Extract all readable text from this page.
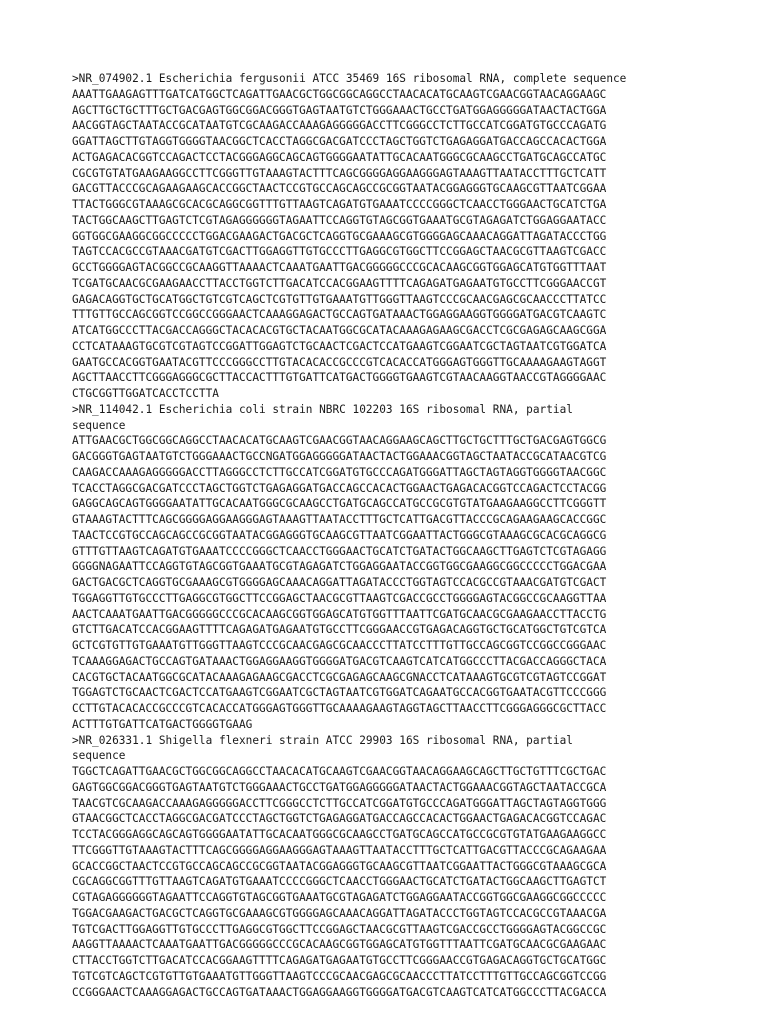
>NR_074902.1 Escherichia fergusonii ATCC 35469 16S ribosomal RNA, complete sequence
AAATTGAAGAGTTTGATCATGGCTCAGATTGAACGCTGGCGGCAGGCCTAACACATGCAAGTCGAACGGTAACAGGAAGC
AGCTTGCTGCTTTGCTGACGAGTGGCGGACGGGTGAGTAATGTCTGGGAAACTGCCTGATGGAGGGGGATAACTACTGGA
AACGGTAGCTAATACCGCATAATGTCGCAAGACCAAAGAGGGGGACCTTCGGGCCTCTTGCCATCGGATGTGCCCAGATG
GGATTAGCTTGTAGGTGGGGTAACGGCTCACCTAGGCGACGATCCCTAGCTGGTCTGAGAGGATGACCAGCCACACTGGA
ACTGAGACACGGTCCAGACTCCTACGGGAGGCAGCAGTGGGGAATATTGCACAATGGGCGCAAGCCTGATGCAGCCATGC
CGCGTGTATGAAGAAGGCCTTCGGGTTGTAAAGTACTTTCAGCGGGGAGGAAGGGAGTAAAGTTAATACCTTTGCTCATT
GACGTTACCCGCAGAAGAAGCACCGGCTAACTCCGTGCCAGCAGCCGCGGTAATACGGAGGGTGCAAGCGTTAATCGGAA
TTACTGGGCGTAAAGCGCACGCAGGCGGTTTGTTAAGTCAGATGTGAAATCCCCGGGCTCAACCTGGGAACTGCATCTGA
TACTGGCAAGCTTGAGTCTCGTAGAGGGGGGTAGAATTCCAGGTGTAGCGGTGAAATGCGTAGAGATCTGGAGGAATACC
GGTGGCGAAGGCGGCCCCCTGGACGAAGACTGACGCTCAGGTGCGAAAGCGTGGGGAGCAAACAGGATTAGATACCCTGG
TAGTCCACGCCGTAAACGATGTCGACTTGGAGGTTGTGCCCTTGAGGCGTGGCTTCCGGAGCTAACGCGTTAAGTCGACC
GCCTGGGGAGTACGGCCGCAAGGTTAAAACTCAAATGAATTGACGGGGGCCCGCACAAGCGGTGGAGCATGTGGTTTAAT
TCGATGCAACGCGAAGAACCTTACCTGGTCTTGACATCCACGGAAGTTTTCAGAGATGAGAATGTGCCTTCGGGAACCGT
GAGACAGGTGCTGCATGGCTGTCGTCAGCTCGTGTTGTGAAATGTTGGGTTAAGTCCCGCAACGAGCGCAACCCTTATCC
TTTGTTGCCAGCGGTCCGGCCGGGAACTCAAAGGAGACTGCCAGTGATAAACTGGAGGAAGGTGGGGATGACGTCAAGTC
ATCATGGCCCTTACGACCAGGGCTACACACGTGCTACAATGGCGCATACAAAGAGAAGCGACCTCGCGAGAGCAAGCGGA
CCTCATAAAGTGCGTCGTAGTCCGGATTGGAGTCTGCAACTCGACTCCATGAAGTCGGAATCGCTAGTAATCGTGGATCA
GAATGCCACGGTGAATACGTTCCCGGGCCTTGTACACACCGCCCGTCACACCATGGGAGTGGGTTGCAAAAGAAGTAGGT
AGCTTAACCTTCGGGAGGGCGCTTACCACTTTGTGATTCATGACTGGGGTGAAGTCGTAACAAGGTAACCGTAGGGGAAC
CTGCGGTTGGATCACCTCCTTA
>NR_114042.1 Escherichia coli strain NBRC 102203 16S ribosomal RNA, partial
sequence
ATTGAACGCTGGCGGCAGGCCTAACACATGCAAGTCGAACGGTAACAGGAAGCAGCTTGCTGCTTTGCTGACGAGTGGCG
GACGGGTGAGTAATGTCTGGGAAACTGCCNGATGGAGGGGGATAACTACTGGAAACGGTAGCTAATACCGCATAACGTCG
CAAGACCAAAGAGGGGGACCTTAGGGCCTCTTGCCATCGGATGTGCCCAGATGGGATTAGCTAGTAGGTGGGGTAACGGC
TCACCTAGGCGACGATCCCTAGCTGGTCTGAGAGGATGACCAGCCACACTGGAACTGAGACACGGTCCAGACTCCTACGG
GAGGCAGCAGTGGGGAATATTGCACAATGGGCGCAAGCCTGATGCAGCCATGCCGCGTGTATGAAGAAGGCCTTCGGGTT
GTAAAGTACTTTCAGCGGGGAGGAAGGGAGTAAAGTTAATACCTTTGCTCATTGACGTTACCCGCAGAAGAAGCACCGGC
TAACTCCGTGCCAGCAGCCGCGGTAATACGGAGGGTGCAAGCGTTAATCGGAATTACTGGGCGTAAAGCGCACGCAGGCG
GTTTGTTAAGTCAGATGTGAAATCCCCGGGCTCAACCTGGGAACTGCATCTGATACTGGCAAGCTTGAGTCTCGTAGAGG
GGGGNAGAATTCCAGGTGTAGCGGTGAAATGCGTAGAGATCTGGAGGAATACCGGTGGCGAAGGCGGCCCCCTGGACGAA
GACTGACGCTCAGGTGCGAAAGCGTGGGGAGCAAACAGGATTAGATACCCTGGTAGTCCACGCCGTAAACGATGTCGACT
TGGAGGTTGTGCCCTTGAGGCGTGGCTTCCGGAGCTAACGCGTTAAGTCGACCGCCTGGGGAGTACGGCCGCAAGGTTAA
AACTCAAATGAATTGACGGGGGCCCGCACAAGCGGTGGAGCATGTGGTTTAATTCGATGCAACGCGAAGAACCTTACCTG
GTCTTGACATCCACGGAAGTTTTCAGAGATGAGAATGTGCCTTCGGGAACCGTGAGACAGGTGCTGCATGGCTGTCGTCA
GCTCGTGTTGTGAAATGTTGGGTTAAGTCCCGCAACGAGCGCAACCCTTATCCTTTGTTGCCAGCGGTCCGGCCGGGAAC
TCAAAGGAGACTGCCAGTGATAAACTGGAGGAAGGTGGGGATGACGTCAAGTCATCATGGCCCTTACGACCAGGGCTACA
CACGTGCTACAATGGCGCATACAAAGAGAAGCGACCTCGCGAGAGCAAGCGNACCTCATAAAGTGCGTCGTAGTCCGGAT
TGGAGTCTGCAACTCGACTCCATGAAGTCGGAATCGCTAGTAATCGTGGATCAGAATGCCACGGTGAATACGTTCCCGGG
CCTTGTACACACCGCCCGTCACACCATGGGAGTGGGTTGCAAAAGAAGTAGGTAGCTTAACCTTCGGGAGGGCGCTTACC
ACTTTGTGATTCATGACTGGGGTGAAG
>NR_026331.1 Shigella flexneri strain ATCC 29903 16S ribosomal RNA, partial
sequence
TGGCTCAGATTGAACGCTGGCGGCAGGCCTAACACATGCAAGTCGAACGGTAACAGGAAGCAGCTTGCTGTTTCGCTGAC
GAGTGGCGGACGGGTGAGTAATGTCTGGGAAACTGCCTGATGGAGGGGGATAACTACTGGAAACGGTAGCTAATACCGCA
TAACGTCGCAAGACCAAAGAGGGGGACCTTCGGGCCTCTTGCCATCGGATGTGCCCAGATGGGATTAGCTAGTAGGTGGG
GTAACGGCTCACCTAGGCGACGATCCCTAGCTGGTCTGAGAGGATGACCAGCCACACTGGAACTGAGACACGGTCCAGAC
TCCTACGGGAGGCAGCAGTGGGGAATATTGCACAATGGGCGCAAGCCTGATGCAGCCATGCCGCGTGTATGAAGAAGGCC
TTCGGGTTGTAAAGTACTTTCAGCGGGGAGGAAGGGAGTAAAGTTAATACCTTTGCTCATTGACGTTACCCGCAGAAGAA
GCACCGGCTAACTCCGTGCCAGCAGCCGCGGTAATACGGAGGGTGCAAGCGTTAATCGGAATTACTGGGCGTAAAGCGCA
CGCAGGCGGTTTGTTAAGTCAGATGTGAAATCCCCGGGCTCAACCTGGGAACTGCATCTGATACTGGCAAGCTTGAGTCT
CGTAGAGGGGGGTAGAATTCCAGGTGTAGCGGTGAAATGCGTAGAGATCTGGAGGAATACCGGTGGCGAAGGCGGCCCCC
TGGACGAAGACTGACGCTCAGGTGCGAAAGCGTGGGGAGCAAACAGGATTAGATACCCTGGTAGTCCACGCCGTAAACGA
TGTCGACTTGGAGGTTGTGCCCTTGAGGCGTGGCTTCCGGAGCTAACGCGTTAAGTCGACCGCCTGGGGAGTACGGCCGC
AAGGTTAAAACTCAAATGAATTGACGGGGGCCCGCACAAGCGGTGGAGCATGTGGTTTAATTCGATGCAACGCGAAGAAC
CTTACCTGGTCTTGACATCCACGGAAGTTTTCAGAGATGAGAATGTGCCTTCGGGAACCGTGAGACAGGTGCTGCATGGC
TGTCGTCAGCTCGTGTTGTGAAATGTTGGGTTAAGTCCCGCAACGAGCGCAACCCTTATCCTTTGTTGCCAGCGGTCCGG
CCGGGAACTCAAAGGAGACTGCCAGTGATAAACTGGAGGAAGGTGGGGATGACGTCAAGTCATCATGGCCCTTACGACCA
